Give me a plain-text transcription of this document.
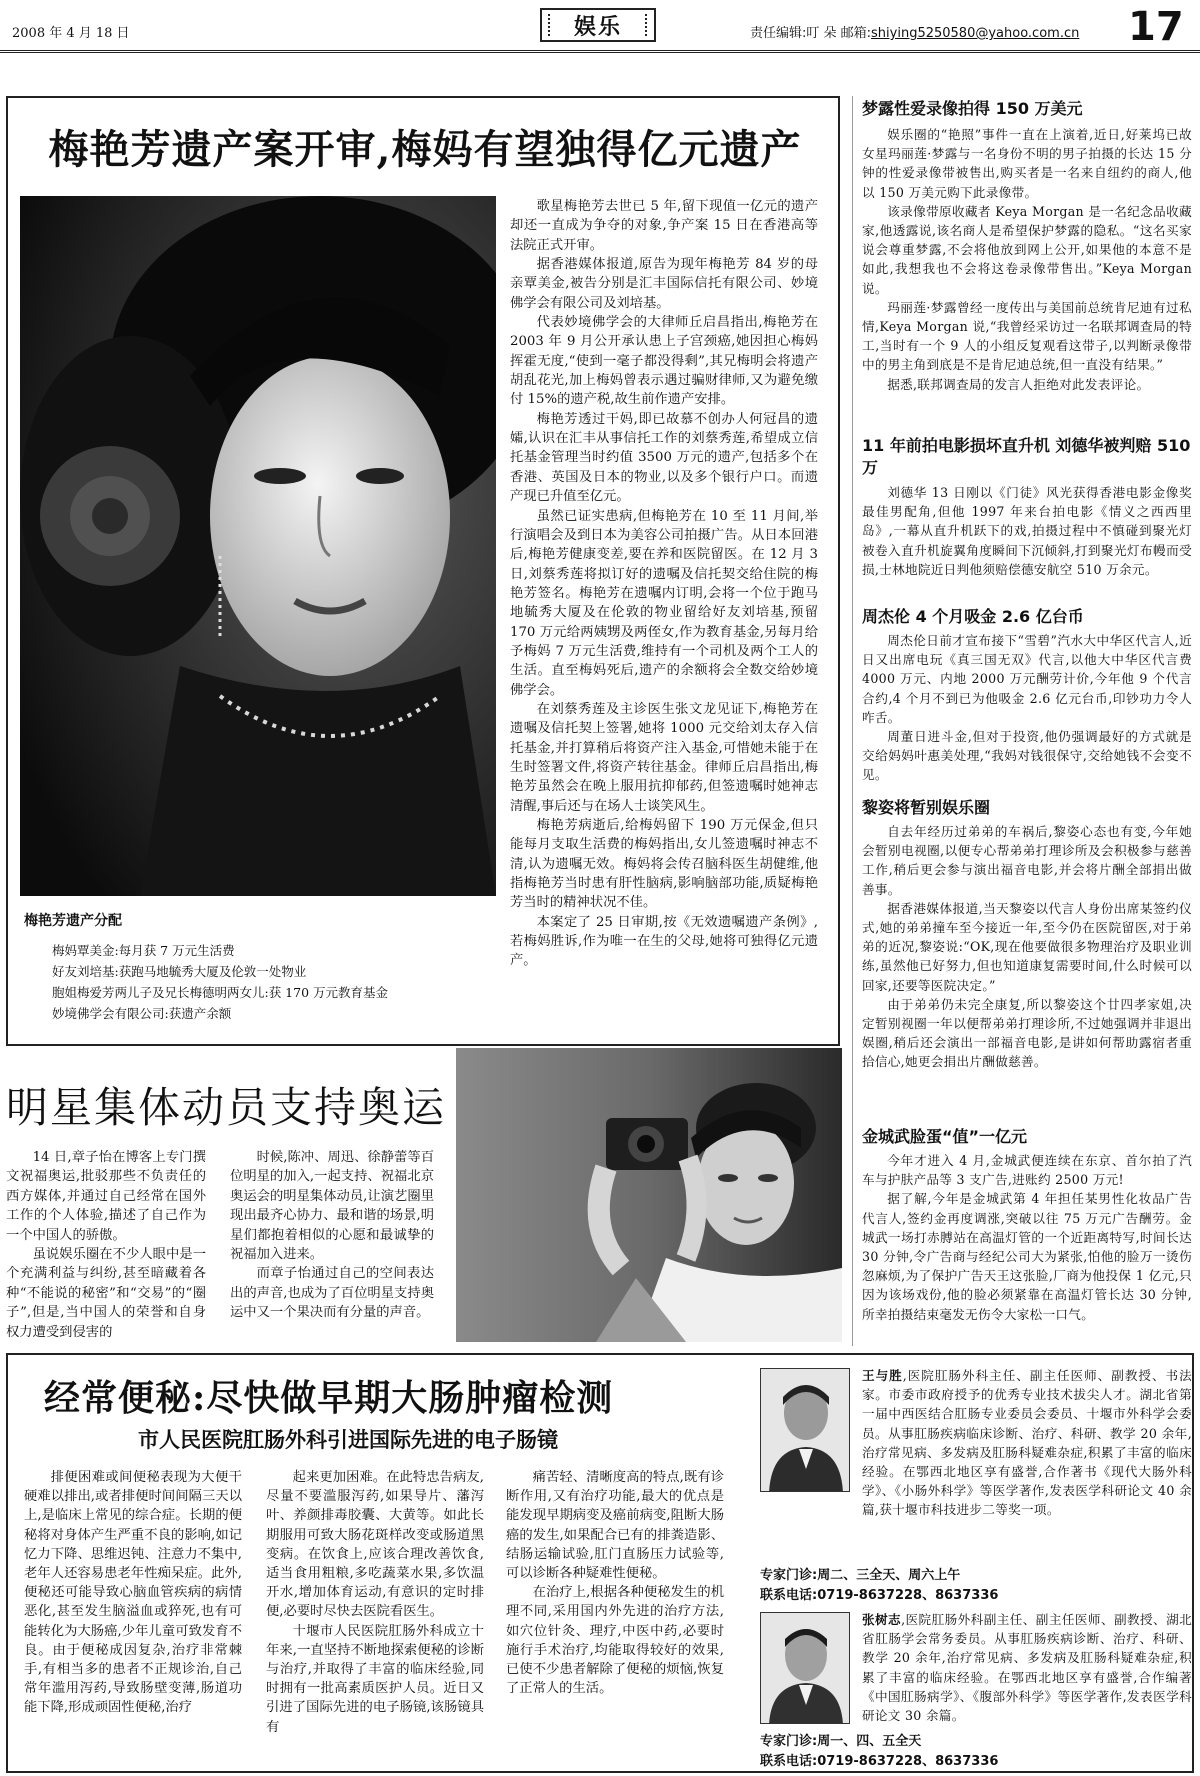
2008 年 4 月 18 日	娱乐	责任编辑:叮 朵 邮箱:shiying5250580@yahoo.com.cn 17
梅艳芳遗产案开审,梅妈有望独得亿元遗产
梅艳芳遗产分配
梅妈覃美金:每月获 7 万元生活费
好友刘培基:获跑马地毓秀大厦及伦敦一处物业
胞姐梅爱芳两儿子及兄长梅德明两女儿:获 170 万元教育基金
妙境佛学会有限公司:获遗产余额

歌星梅艳芳去世已 5 年,留下现值一亿元的遗产却还一直成为争夺的对象,争产案 15 日在香港高等法院正式开审。

据香港媒体报道,原告为现年梅艳芳 84 岁的母亲覃美金,被告分别是汇丰国际信托有限公司、妙境佛学会有限公司及刘培基。

代表妙境佛学会的大律师丘启昌指出,梅艳芳在 2003 年 9 月公开承认患上子宫颈癌,她因担心梅妈挥霍无度,“使到一毫子都没得剩”,其兄梅明会将遗产胡乱花光,加上梅妈曾表示遇过骗财律师,又为避免缴付 15%的遗产税,故生前作遗产安排。

梅艳芳透过干妈,即已故慕不创办人何冠昌的遗孀,认识在汇丰从事信托工作的刘蔡秀莲,希望成立信托基金管理当时约值 3500 万元的遗产,包括多个在香港、英国及日本的物业,以及多个银行户口。而遗产现已升值至亿元。

虽然已证实患病,但梅艳芳在 10 至 11 月间,举行演唱会及到日本为美容公司拍摄广告。从日本回港后,梅艳芳健康变差,要在养和医院留医。在 12 月 3 日,刘蔡秀莲将拟订好的遗嘱及信托契交给住院的梅艳芳签名。梅艳芳在遗嘱内订明,会将一个位于跑马地毓秀大厦及在伦敦的物业留给好友刘培基,预留 170 万元给两姨甥及两侄女,作为教育基金,另每月给予梅妈 7 万元生活费,维持有一个司机及两个工人的生活。直至梅妈死后,遗产的余额将会全数交给妙境佛学会。

在刘蔡秀莲及主诊医生张文龙见证下,梅艳芳在遗嘱及信托契上签署,她将 1000 元交给刘太存入信托基金,并打算稍后将资产注入基金,可惜她未能于在生时签署文件,将资产转往基金。律师丘启昌指出,梅艳芳虽然会在晚上服用抗抑郁药,但签遗嘱时她神志清醒,事后还与在场人士谈笑风生。

梅艳芳病逝后,给梅妈留下 190 万元保金,但只能每月支取生活费的梅妈指出,女儿签遗嘱时神志不清,认为遗嘱无效。梅妈将会传召脑科医生胡健维,他指梅艳芳当时患有肝性脑病,影响脑部功能,质疑梅艳芳当时的精神状况不佳。

本案定了 25 日审期,按《无效遗嘱遗产条例》,若梅妈胜诉,作为唯一在生的父母,她将可独得亿元遗产。

梦露性爱录像拍得 150 万美元

娱乐圈的“艳照”事件一直在上演着,近日,好莱坞已故女星玛丽莲·梦露与一名身份不明的男子拍摄的长达 15 分钟的性爱录像带被售出,购买者是一名来自纽约的商人,他以 150 万美元购下此录像带。

该录像带原收藏者 Keya Morgan 是一名纪念品收藏家,他透露说,该名商人是希望保护梦露的隐私。“这名买家说会尊重梦露,不会将他放到网上公开,如果他的本意不是如此,我想我也不会将这卷录像带售出。”Keya Morgan 说。

玛丽莲·梦露曾经一度传出与美国前总统肯尼迪有过私情,Keya Morgan 说,“我曾经采访过一名联邦调查局的特工,当时有一个 9 人的小组反复观看这带子,以判断录像带中的男主角到底是不是肯尼迪总统,但一直没有结果。”

据悉,联邦调查局的发言人拒绝对此发表评论。

11 年前拍电影损坏直升机 刘德华被判赔 510 万

刘德华 13 日刚以《门徒》风光获得香港电影金像奖最佳男配角,但他 1997 年来台拍电影《情义之西西里岛》,一幕从直升机跃下的戏,拍摄过程中不慎碰到聚光灯被卷入直升机旋翼角度瞬间下沉倾斜,打到聚光灯布幔而受损,士林地院近日判他须赔偿德安航空 510 万余元。

周杰伦 4 个月吸金 2.6 亿台币

周杰伦日前才宣布接下“雪碧”汽水大中华区代言人,近日又出席电玩《真三国无双》代言,以他大中华区代言费 4000 万元、内地 2000 万元酬劳计价,今年他 9 个代言合约,4 个月不到已为他吸金 2.6 亿元台币,印钞功力令人咋舌。

周董日进斗金,但对于投资,他仍强调最好的方式就是交给妈妈叶惠美处理,“我妈对钱很保守,交给她钱不会变不见。

黎姿将暂别娱乐圈

自去年经历过弟弟的车祸后,黎姿心态也有变,今年她会暂别电视圈,以便专心帮弟弟打理诊所及会积极参与慈善工作,稍后更会参与演出福音电影,并会将片酬全部捐出做善事。

据香港媒体报道,当天黎姿以代言人身份出席某签约仪式,她的弟弟撞车至今接近一年,至今仍在医院留医,对于弟弟的近况,黎姿说:“OK,现在他要做很多物理治疗及职业训练,虽然他已好努力,但也知道康复需要时间,什么时候可以回家,还要等医院决定。”

由于弟弟仍未完全康复,所以黎姿这个廿四孝家姐,决定暂别视圈一年以便帮弟弟打理诊所,不过她强调并非退出娱圈,稍后还会演出一部福音电影,是讲如何帮助露宿者重拾信心,她更会捐出片酬做慈善。

金城武脸蛋“值”一亿元

今年才进入 4 月,金城武便连续在东京、首尔拍了汽车与护肤产品等 3 支广告,进账约 2500 万元!

据了解,今年是金城武第 4 年担任某男性化妆品广告代言人,签约金再度调涨,突破以往 75 万元广告酬劳。金城武一场打赤膊站在高温灯管的一个近距离特写,时间长达 30 分钟,令广告商与经纪公司大为紧张,怕他的脸万一烫伤忽麻烦,为了保护广告天王这张脸,厂商为他投保 1 亿元,只因为该场戏份,他的脸必须紧靠在高温灯管长达 30 分钟,所幸拍摄结束毫发无伤令大家松一口气。

明星集体动员支持奥运

14 日,章子怡在博客上专门撰文祝福奥运,批驳那些不负责任的西方媒体,并通过自己经常在国外工作的个人体验,描述了自己作为一个中国人的骄傲。

虽说娱乐圈在不少人眼中是一个充满利益与纠纷,甚至暗藏着各种“不能说的秘密”和“交易”的“圈子”,但是,当中国人的荣誉和自身权力遭受到侵害的

时候,陈冲、周迅、徐静蕾等百位明星的加入,一起支持、祝福北京奥运会的明星集体动员,让演艺圈里现出最齐心协力、最和谐的场景,明星们都抱着相似的心愿和最诚挚的祝福加入进来。

而章子怡通过自己的空间表达出的声音,也成为了百位明星支持奥运中又一个果决而有分量的声音。

经常便秘:尽快做早期大肠肿瘤检测
市人民医院肛肠外科引进国际先进的电子肠镜

排便困难或间便秘表现为大便干硬难以排出,或者排便时间间隔三天以上,是临床上常见的综合症。长期的便秘将对身体产生严重不良的影响,如记忆力下降、思维迟钝、注意力不集中,老年人还容易患老年性痴呆症。此外,便秘还可能导致心脑血管疾病的病情恶化,甚至发生脑溢血或猝死,也有可能转化为大肠癌,少年儿童可致发育不良。由于便秘成因复杂,治疗非常棘手,有相当多的患者不正规诊治,自己常年滥用泻药,导致肠壁变薄,肠道功能下降,形成顽固性便秘,治疗

起来更加困难。在此特忠告病友,尽量不要滥服泻药,如果导片、藩泻叶、养颜排毒胶囊、大黄等。如此长期服用可致大肠花斑样改变或肠道黑变病。在饮食上,应该合理改善饮食,适当食用粗粮,多吃蔬菜水果,多饮温开水,增加体育运动,有意识的定时排便,必要时尽快去医院看医生。

十堰市人民医院肛肠外科成立十年来,一直坚持不断地探索便秘的诊断与治疗,并取得了丰富的临床经验,同时拥有一批高素质医护人员。近日又引进了国际先进的电子肠镜,该肠镜具有

痛苦轻、清晰度高的特点,既有诊断作用,又有治疗功能,最大的优点是能发现早期病变及癌前病变,阻断大肠癌的发生,如果配合已有的排粪造影、结肠运输试验,肛门直肠压力试验等,可以诊断各种疑难性便秘。

在治疗上,根据各种便秘发生的机理不同,采用国内外先进的治疗方法,如穴位针灸、理疗,中医中药,必要时施行手术治疗,均能取得较好的效果,已使不少患者解除了便秘的烦恼,恢复了正常人的生活。

王与胜,医院肛肠外科主任、副主任医师、副教授、书法家。市委市政府授予的优秀专业技术拔尖人才。湖北省第一届中西医结合肛肠专业委员会委员、十堰市外科学会委员。从事肛肠疾病临床诊断、治疗、科研、教学 20 余年,治疗常见病、多发病及肛肠科疑难杂症,积累了丰富的临床经验。在鄂西北地区享有盛誉,合作著书《现代大肠外科学》、《小肠外科学》等医学著作,发表医学科研论文 40 余篇,获十堰市科技进步二等奖一项。
专家门诊:周二、三全天、周六上午
联系电话:0719-8637228、8637336
张树志,医院肛肠外科副主任、副主任医师、副教授、湖北省肛肠学会常务委员。从事肛肠疾病诊断、治疗、科研、教学 20 余年,治疗常见病、多发病及肛肠科疑难杂症,积累了丰富的临床经验。在鄂西北地区享有盛誉,合作编著《中国肛肠病学》、《腹部外科学》等医学著作,发表医学科研论文 30 余篇。
专家门诊:周一、四、五全天
联系电话:0719-8637228、8637336
